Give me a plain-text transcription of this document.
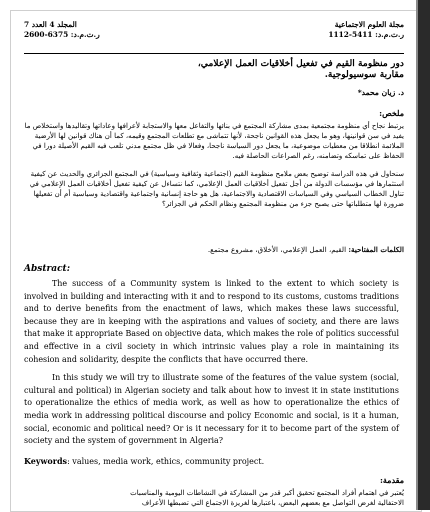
المجلد 4 العدد 7
ر.ت.م.د: 6375-2600
مجلة العلوم الاجتماعية
ر.ت.م.د: 5411-1112
دور منظومة القيم في تفعيل أخلاقيات العمل الإعلامي،
مقاربة سوسيولوجية.
د. زيان محمد*
ملخص:

يرتبط نجاح أي منظومة مجتمعية بمدى مشاركة المجتمع في بنائها والتفاعل معها والاستجابة لأعرافها وعاداتها وتقاليدها واستخلاص ما يفيد في سن قوانينها، وهو ما يجعل هذه القوانين ناجحة، لأنها تتماشى مع تطلعات المجتمع وقيمه، كما أن هناك قوانين لها الأرضية الملائمة انطلاقا من معطيات موضوعية، ما يجعل دور السياسة ناجحا، وفعالا في ظل مجتمع مدني تلعب فيه القيم الأصيلة دورا في الحفاظ على تماسكه وتضامنه، رغم الصراعات الحاصلة فيه.

سنحاول في هذه الدراسة توضيح بعض ملامح منظومة القيم (اجتماعية وثقافية وسياسية) في المجتمع الجزائري والحديث عن كيفية استثمارها في مؤسسات الدولة من أجل تفعيل أخلاقيات العمل الإعلامي، كما نتساءل عن كيفية تفعيل أخلاقيات العمل الإعلامي في تناول الخطاب السياسي وفي السياسات الاقتصادية والاجتماعية، هل هو حاجة إنسانية واجتماعية واقتصادية وسياسية أم أن تفعيلها ضرورة لها متطلباتها حتى يصبح جزء من منظومة المجتمع ونظام الحكم في الجزائر؟

الكلمات المفتاحية: القيم، العمل الإعلامي، الأخلاق، مشروع مجتمع.
Abstract:

The success of a Community system is linked to the extent to which society is involved in building and interacting with it and to respond to its customs, customs traditions and to derive benefits from the enactment of laws, which makes these laws successful, because they are in keeping with the aspirations and values of society, and there are laws that make it appropriate Based on objective data, which makes the role of politics successful and effective in a civil society in which intrinsic values play a role in maintaining its cohesion and solidarity, despite the conflicts that have occurred there.

In this study we will try to illustrate some of the features of the value system (social, cultural and political) in Algerian society and talk about how to invest it in state institutions to operationalize the ethics of media work, as well as how to operationalize the ethics of media work in addressing political discourse and policy Economic and social, is it a human, social, economic and political need? Or is it necessary for it to become part of the system of society and the system of government in Algeria?

Keywords: values, media work, ethics, community project.
مقدمة:
يُعتبر في اهتمام أفراد المجتمع تحقيق أكبر قدر من المشاركة في النشاطات اليومية والمناسبات
الاحتفالية لغرض التواصل مع بعضهم البعض، باعتبارها لغريزة الاجتماع التي تضبطها الأعراف
